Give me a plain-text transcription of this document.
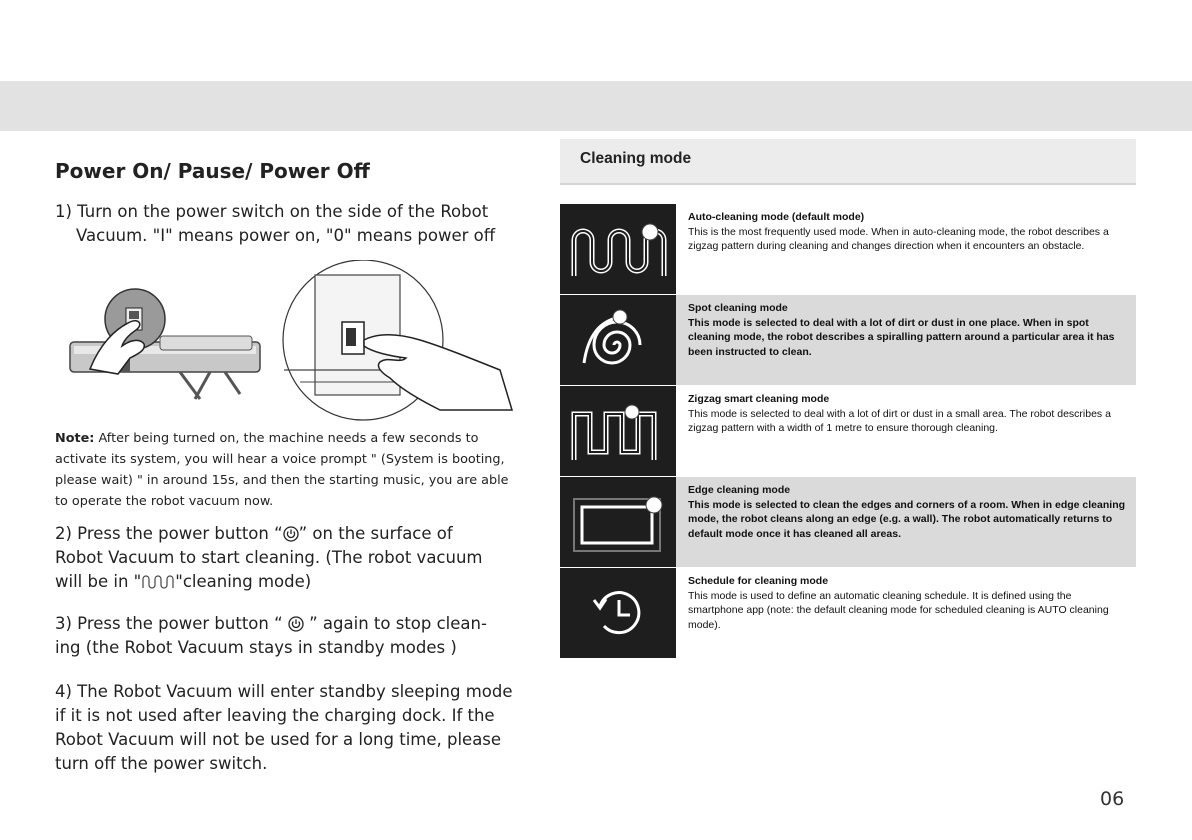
Power On/ Pause/ Power Off

1) Turn on the power switch on the side of the Robot

Vacuum. "I" means power on, "0" means power off

Note: After being turned on, the machine needs a few seconds to
activate its system, you will hear a voice prompt " (System is booting,
please wait) " in around 15s, and then the starting music, you are able
to operate the robot vacuum now.

2) Press the power button “ ” on the surface of

Robot Vacuum to start cleaning. (The robot vacuum

will be in " "cleaning mode)

3) Press the power button “  ” again to stop clean-

ing (the Robot Vacuum stays in standby modes )

4) The Robot Vacuum will enter standby sleeping mode

if it is not used after leaving the charging dock. If the

Robot Vacuum will not be used for a long time, please

turn off the power switch.

Cleaning mode
Auto-cleaning mode (default mode)
This is the most frequently used mode. When in auto-cleaning mode, the robot describes a zigzag pattern during cleaning and changes direction when it encounters an obstacle.
Spot cleaning mode
This mode is selected to deal with a lot of dirt or dust in one place. When in spot cleaning mode, the robot describes a spiralling pattern around a particular area it has been instructed to clean.
Zigzag smart cleaning mode
This mode is selected to deal with a lot of dirt or dust in a small area. The robot describes a zigzag pattern with a width of 1 metre to ensure thorough cleaning.
Edge cleaning mode
This mode is selected to clean the edges and corners of a room. When in edge cleaning mode, the robot cleans along an edge (e.g. a wall). The robot automatically returns to default mode once it has cleaned all areas.
Schedule for cleaning mode
This mode is used to define an automatic cleaning schedule. It is defined using the smartphone app (note: the default cleaning mode for scheduled cleaning is AUTO cleaning mode).
06
